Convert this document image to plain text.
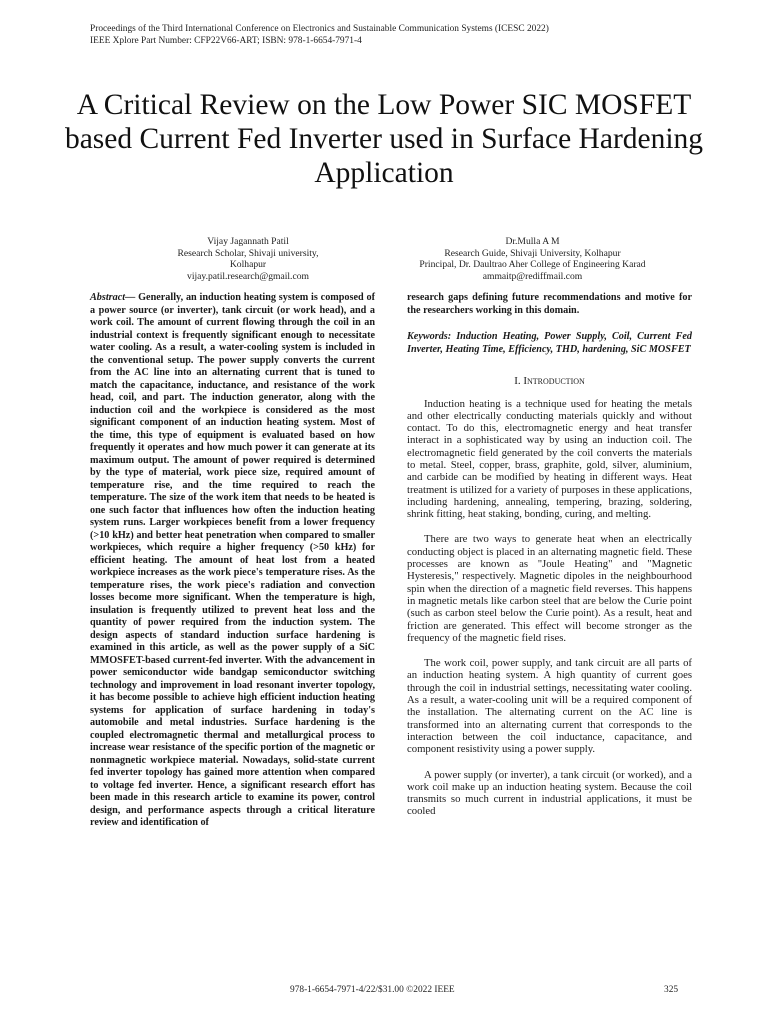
Proceedings of the Third International Conference on Electronics and Sustainable Communication Systems (ICESC 2022)
IEEE Xplore Part Number: CFP22V66-ART; ISBN: 978-1-6654-7971-4
A Critical Review on the Low Power SIC MOSFET based Current Fed Inverter used in Surface Hardening Application
Vijay Jagannath Patil
Research Scholar, Shivaji university,
Kolhapur
vijay.patil.research@gmail.com
Dr.Mulla A M
Research Guide, Shivaji University, Kolhapur
Principal, Dr. Daultrao Aher College of Engineering Karad
ammaitp@rediffmail.com
Abstract— Generally, an induction heating system is composed of a power source (or inverter), tank circuit (or work head), and a work coil. The amount of current flowing through the coil in an industrial context is frequently significant enough to necessitate water cooling. As a result, a water-cooling system is included in the conventional setup. The power supply converts the current from the AC line into an alternating current that is tuned to match the capacitance, inductance, and resistance of the work head, coil, and part. The induction generator, along with the induction coil and the workpiece is considered as the most significant component of an induction heating system. Most of the time, this type of equipment is evaluated based on how frequently it operates and how much power it can generate at its maximum output. The amount of power required is determined by the type of material, work piece size, required amount of temperature rise, and the time required to reach the temperature. The size of the work item that needs to be heated is one such factor that influences how often the induction heating system runs. Larger workpieces benefit from a lower frequency (>10 kHz) and better heat penetration when compared to smaller workpieces, which require a higher frequency (>50 kHz) for efficient heating. The amount of heat lost from a heated workpiece increases as the work piece's temperature rises. As the temperature rises, the work piece's radiation and convection losses become more significant. When the temperature is high, insulation is frequently utilized to prevent heat loss and the quantity of power required from the induction system. The design aspects of standard induction surface hardening is examined in this article, as well as the power supply of a SiC MMOSFET-based current-fed inverter. With the advancement in power semiconductor wide bandgap semiconductor switching technology and improvement in load resonant inverter topology, it has become possible to achieve high efficient induction heating systems for application of surface hardening in today's automobile and metal industries. Surface hardening is the coupled electromagnetic thermal and metallurgical process to increase wear resistance of the specific portion of the magnetic or nonmagnetic workpiece material. Nowadays, solid-state current fed inverter topology has gained more attention when compared to voltage fed inverter. Hence, a significant research effort has been made in this research article to examine its power, control design, and performance aspects through a critical literature review and identification of
research gaps defining future recommendations and motive for the researchers working in this domain.
Keywords: Induction Heating, Power Supply, Coil, Current Fed Inverter, Heating Time, Efficiency, THD, hardening, SiC MOSFET
I. Introduction

Induction heating is a technique used for heating the metals and other electrically conducting materials quickly and without contact. To do this, electromagnetic energy and heat transfer interact in a sophisticated way by using an induction coil. The electromagnetic field generated by the coil converts the materials to metal. Steel, copper, brass, graphite, gold, silver, aluminium, and carbide can be modified by heating in different ways. Heat treatment is utilized for a variety of purposes in these applications, including hardening, annealing, tempering, brazing, soldering, shrink fitting, heat staking, bonding, curing, and melting.

There are two ways to generate heat when an electrically conducting object is placed in an alternating magnetic field. These processes are known as "Joule Heating" and "Magnetic Hysteresis," respectively. Magnetic dipoles in the neighbourhood spin when the direction of a magnetic field reverses. This happens in magnetic metals like carbon steel that are below the Curie point (such as carbon steel below the Curie point). As a result, heat and friction are generated. This effect will become stronger as the frequency of the magnetic field rises.

The work coil, power supply, and tank circuit are all parts of an induction heating system. A high quantity of current goes through the coil in industrial settings, necessitating water cooling. As a result, a water-cooling unit will be a required component of the installation. The alternating current on the AC line is transformed into an alternating current that corresponds to the interaction between the coil inductance, capacitance, and component resistivity using a power supply.

A power supply (or inverter), a tank circuit (or worked), and a work coil make up an induction heating system. Because the coil transmits so much current in industrial applications, it must be cooled

978-1-6654-7971-4/22/$31.00 ©2022 IEEE	325
